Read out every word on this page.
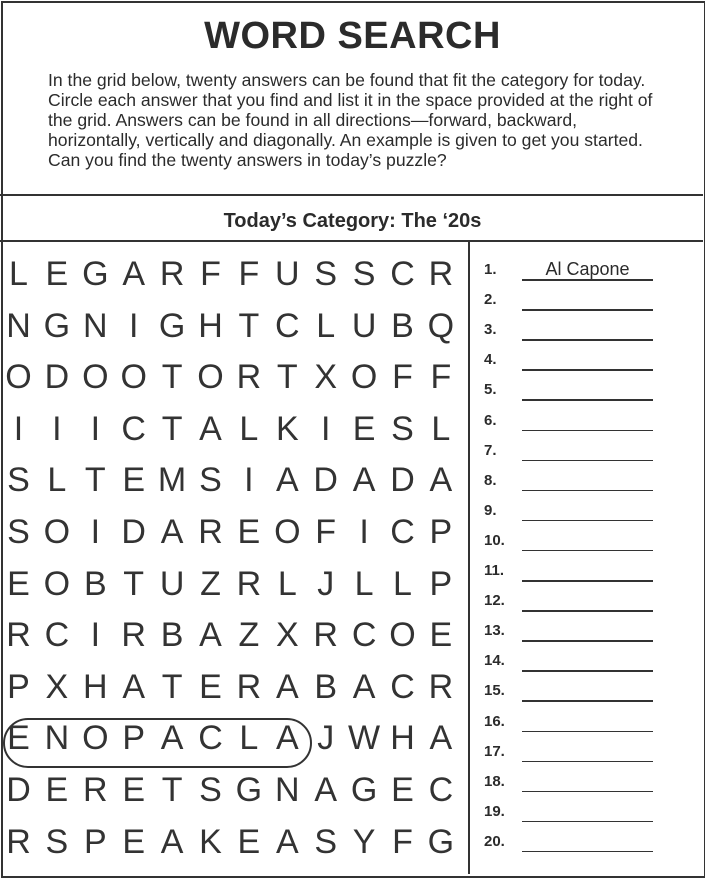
WORD SEARCH
In the grid below, twenty answers can be found that fit the category for today. Circle each answer that you find and list it in the space provided at the right of the grid. Answers can be found in all directions—forward, backward, horizontally, vertically and diagonally. An example is given to get you started. Can you find the twenty answers in today’s puzzle?
Today’s Category: The ‘20s
L E G A R F F U S S C R
N G N I G H T C L U B Q
O D O O T O R T X O F F
I I I C T A L K I E S L
S L T E M S I A D A D A
S O I D A R E O F I C P
E O B T U Z R L J L L P
R C I R B A Z X R C O E
P X H A T E R A B A C R
E N O P A C L A J W H A
D E R E T S G N A G E C
R S P E A K E A S Y F G
1.	Al Capone
2.
3.
4.
5.
6.
7.
8.
9.
10.
11.
12.
13.
14.
15.
16.
17.
18.
19.
20.
